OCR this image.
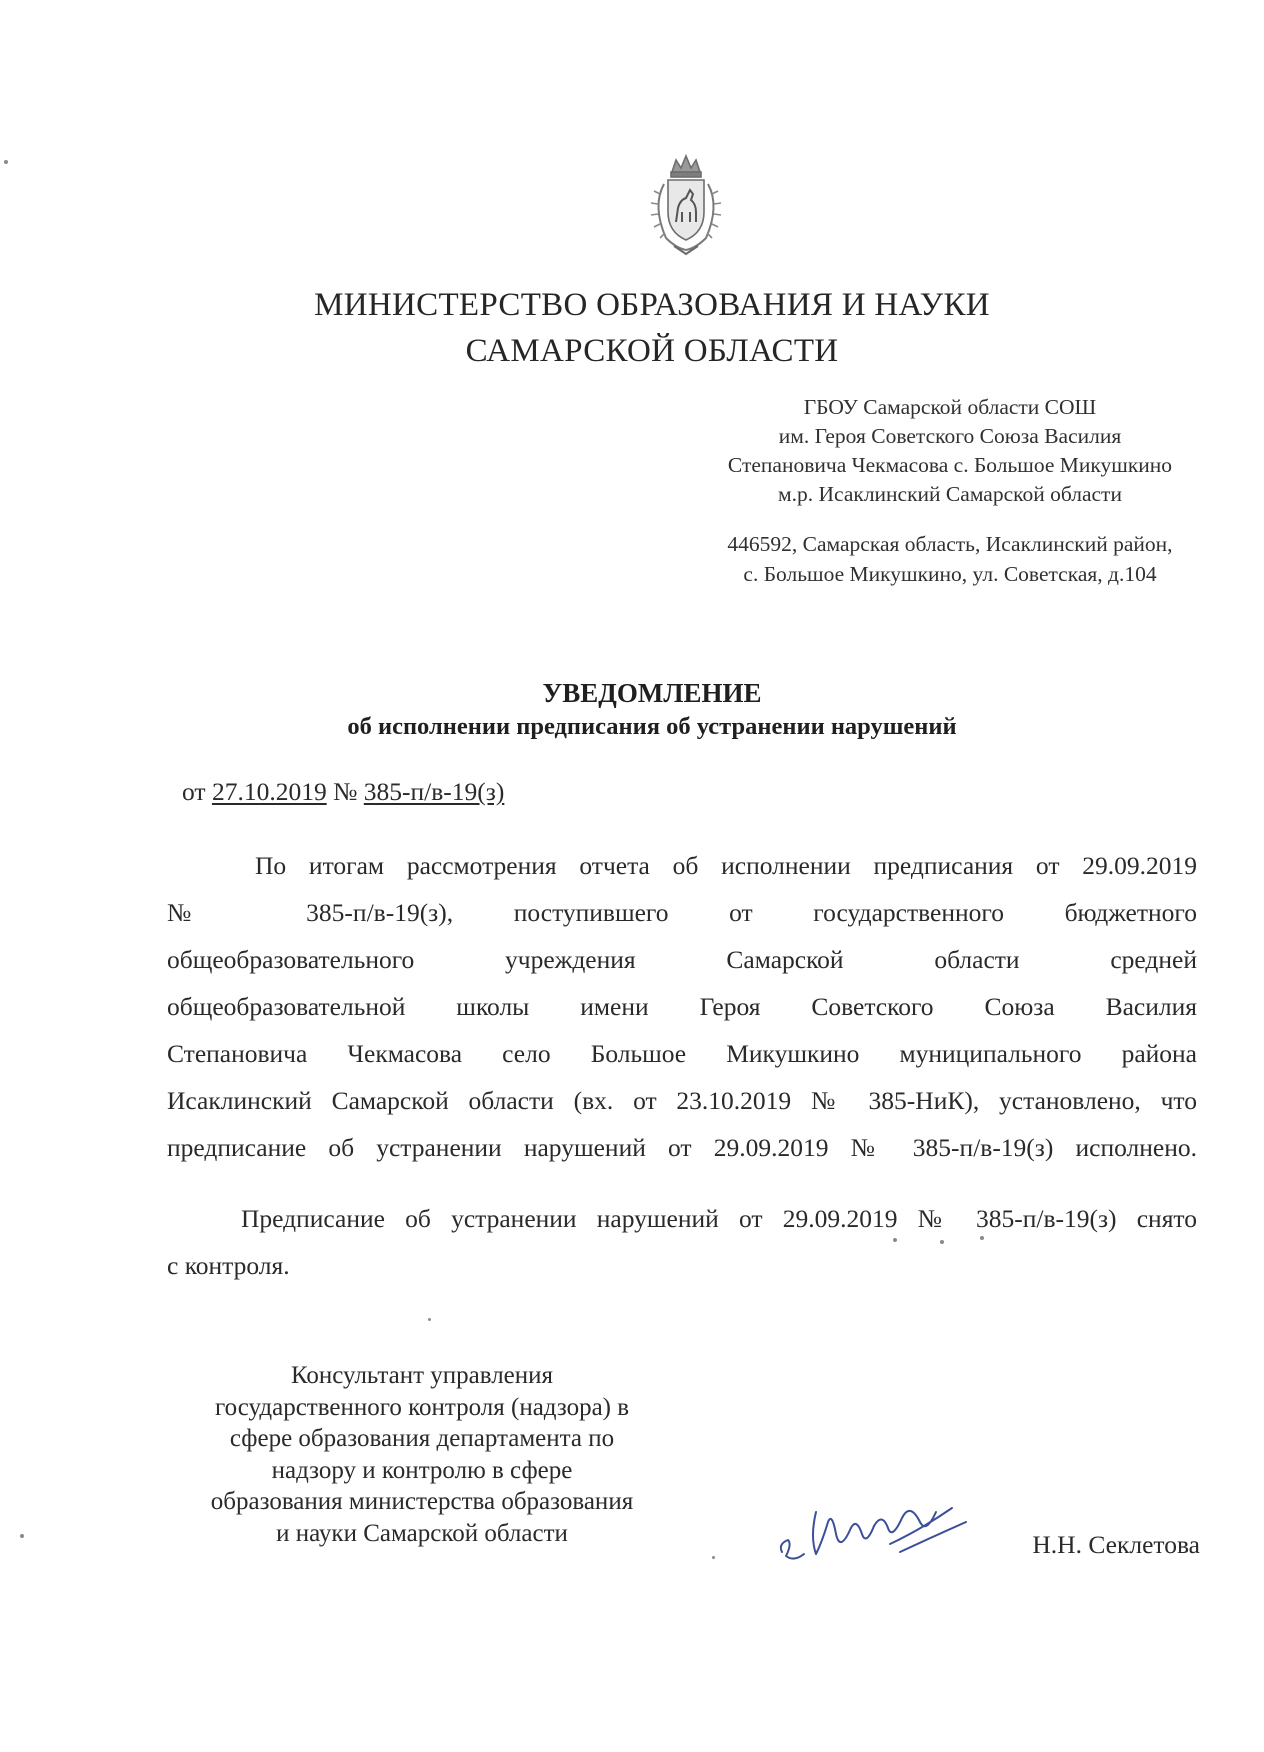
МИНИСТЕРСТВО ОБРАЗОВАНИЯ И НАУКИ
САМАРСКОЙ ОБЛАСТИ
ГБОУ Самарской области СОШ
им. Героя Советского Союза Василия
Степановича Чекмасова с. Большое Микушкино
м.р. Исаклинский Самарской области
446592, Самарская область, Исаклинский район,
с. Большое Микушкино, ул. Советская, д.104
УВЕДОМЛЕНИЕ
об исполнении предписания об устранении нарушений
от 27.10.2019 № 385-п/в-19(з)
По итогам рассмотрения отчета об исполнении предписания от 29.09.2019
№ 385-п/в-19(з), поступившего от государственного бюджетного
общеобразовательного учреждения Самарской области средней
общеобразовательной школы имени Героя Советского Союза Василия
Степановича Чекмасова село Большое Микушкино муниципального района
Исаклинский Самарской области (вх. от 23.10.2019 № 385-НиК), установлено, что
предписание об устранении нарушений от 29.09.2019 № 385-п/в-19(з) исполнено.
Предписание об устранении нарушений от 29.09.2019 № 385-п/в-19(з) снято
с контроля.
Консультант управления
государственного контроля (надзора) в
сфере образования департамента по
надзору и контролю в сфере
образования министерства образования
и науки Самарской области	Н.Н. Секлетова
